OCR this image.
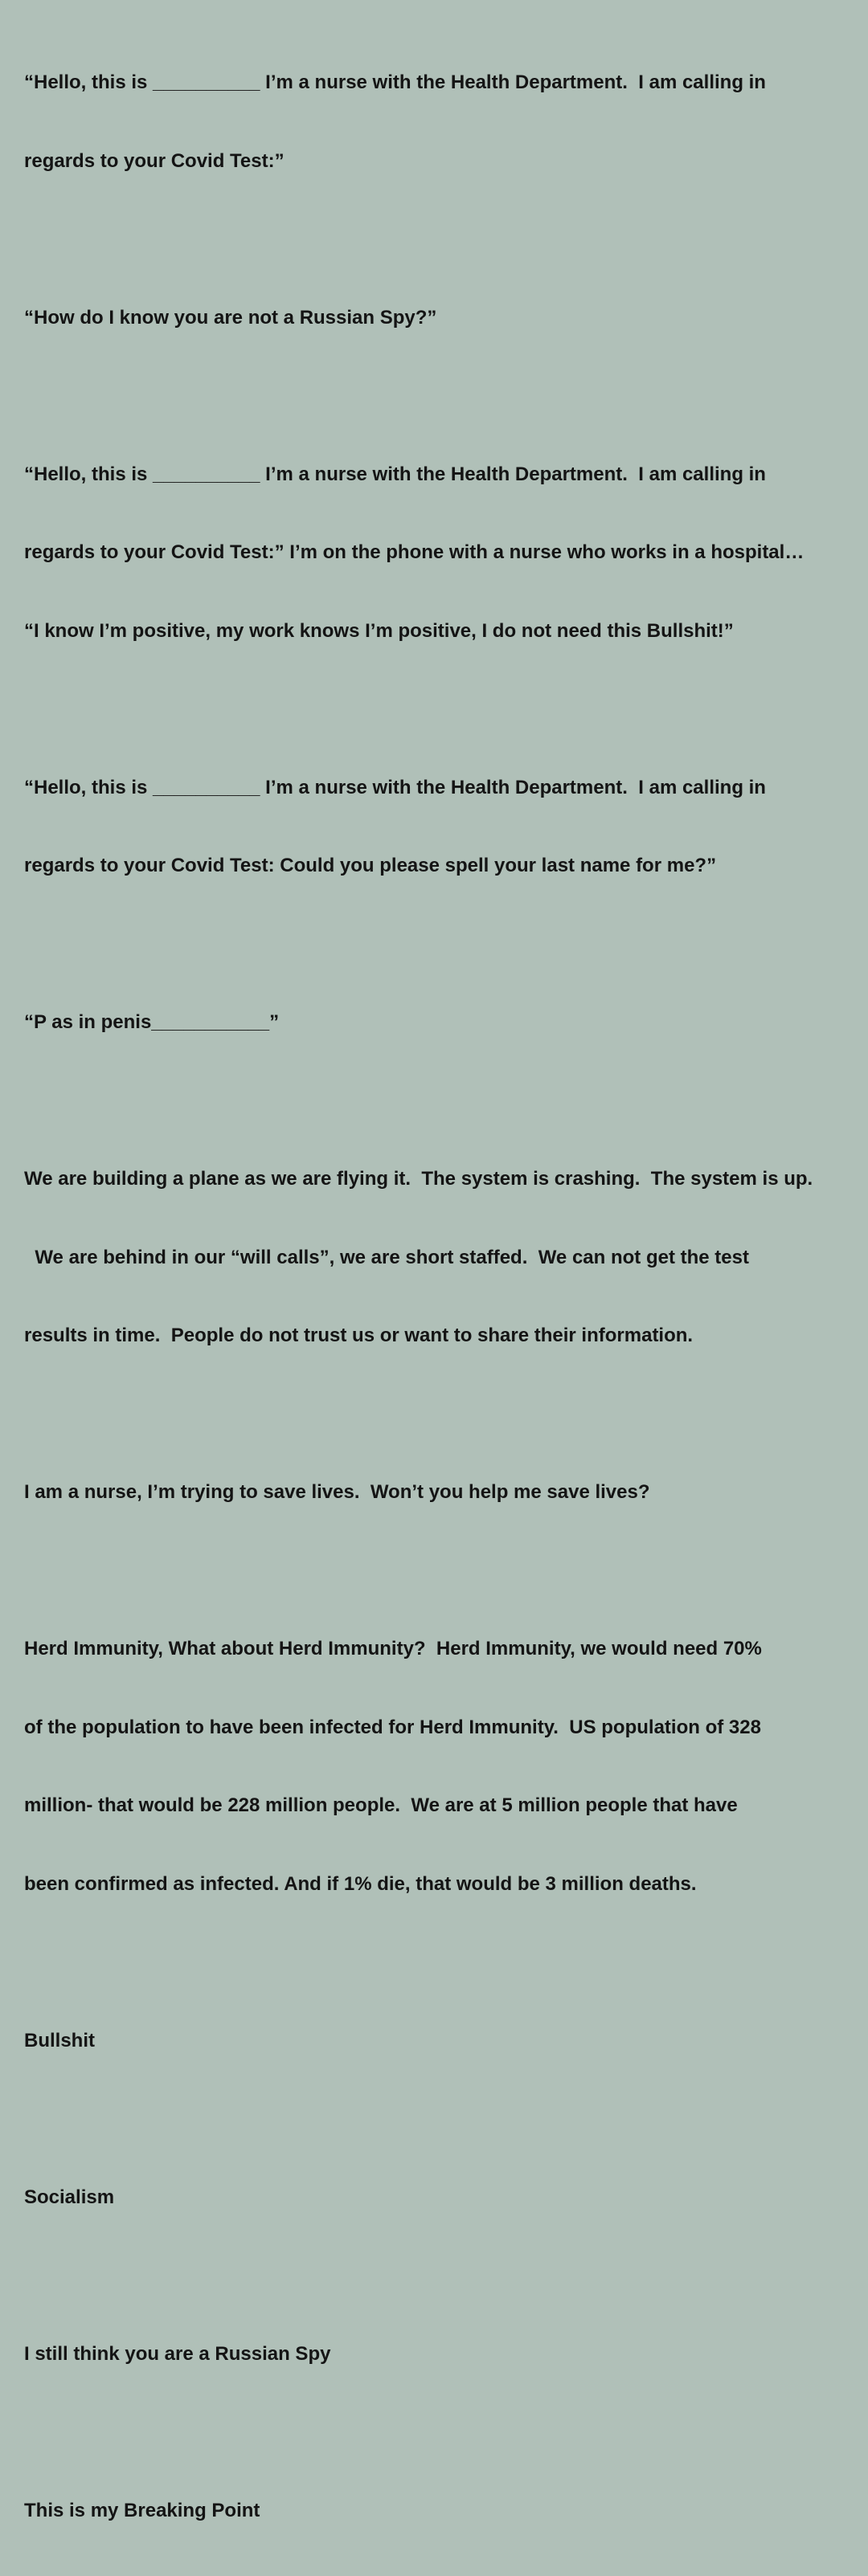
“Hello, this is __________ I’m a nurse with the Health Department.  I am calling in

regards to your Covid Test:”

“How do I know you are not a Russian Spy?”

“Hello, this is __________ I’m a nurse with the Health Department.  I am calling in

regards to your Covid Test:” I’m on the phone with a nurse who works in a hospital…

“I know I’m positive, my work knows I’m positive, I do not need this Bullshit!”

“Hello, this is __________ I’m a nurse with the Health Department.  I am calling in

regards to your Covid Test: Could you please spell your last name for me?”

“P as in penis___________”

We are building a plane as we are flying it.  The system is crashing.  The system is up.

We are behind in our “will calls”, we are short staffed.  We can not get the test

results in time.  People do not trust us or want to share their information.

I am a nurse, I’m trying to save lives.  Won’t you help me save lives?

Herd Immunity, What about Herd Immunity?  Herd Immunity, we would need 70%

of the population to have been infected for Herd Immunity.  US population of 328

million- that would be 228 million people.  We are at 5 million people that have

been confirmed as infected. And if 1% die, that would be 3 million deaths.

Bullshit

Socialism

I still think you are a Russian Spy

This is my Breaking Point
